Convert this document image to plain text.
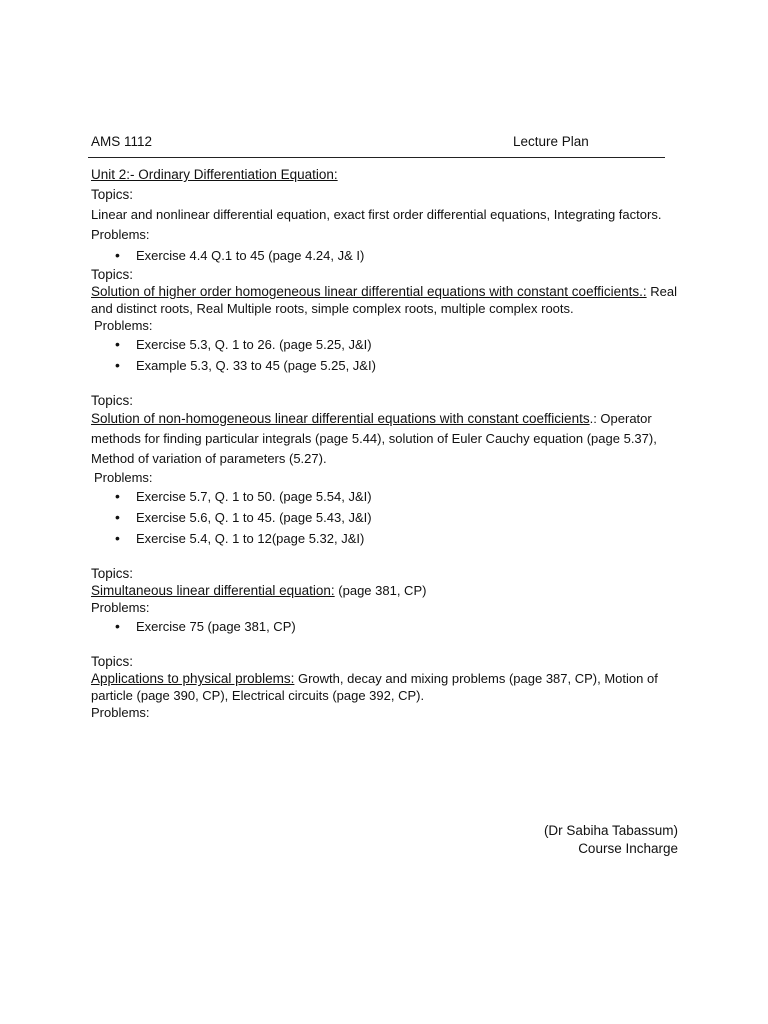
AMS 1112	Lecture Plan

Unit 2:- Ordinary Differentiation Equation:

Topics:

Linear and nonlinear differential equation, exact first order differential equations, Integrating factors.

Problems:

• Exercise 4.4 Q.1 to 45 (page 4.24, J& I)

Topics:

Solution of higher order homogeneous linear differential equations with constant coefficients.: Real and distinct roots, Real Multiple roots, simple complex roots, multiple complex roots.

Problems:

• Exercise 5.3, Q. 1 to 26. (page 5.25, J&I)
• Example 5.3, Q. 33 to 45 (page 5.25, J&I)

Topics:

Solution of non-homogeneous linear differential equations with constant coefficients.: Operator methods for finding particular integrals (page 5.44), solution of Euler Cauchy equation (page 5.37), Method of variation of parameters (5.27).

Problems:

• Exercise 5.7, Q. 1 to 50. (page 5.54, J&I)
• Exercise 5.6, Q. 1 to 45. (page 5.43, J&I)
• Exercise 5.4, Q. 1 to 12(page 5.32, J&I)

Topics:

Simultaneous linear differential equation: (page 381, CP)

Problems:

• Exercise 75 (page 381, CP)

Topics:

Applications to physical problems: Growth, decay and mixing problems (page 387, CP), Motion of particle (page 390, CP), Electrical circuits (page 392, CP).

Problems:

(Dr Sabiha Tabassum)
Course Incharge
